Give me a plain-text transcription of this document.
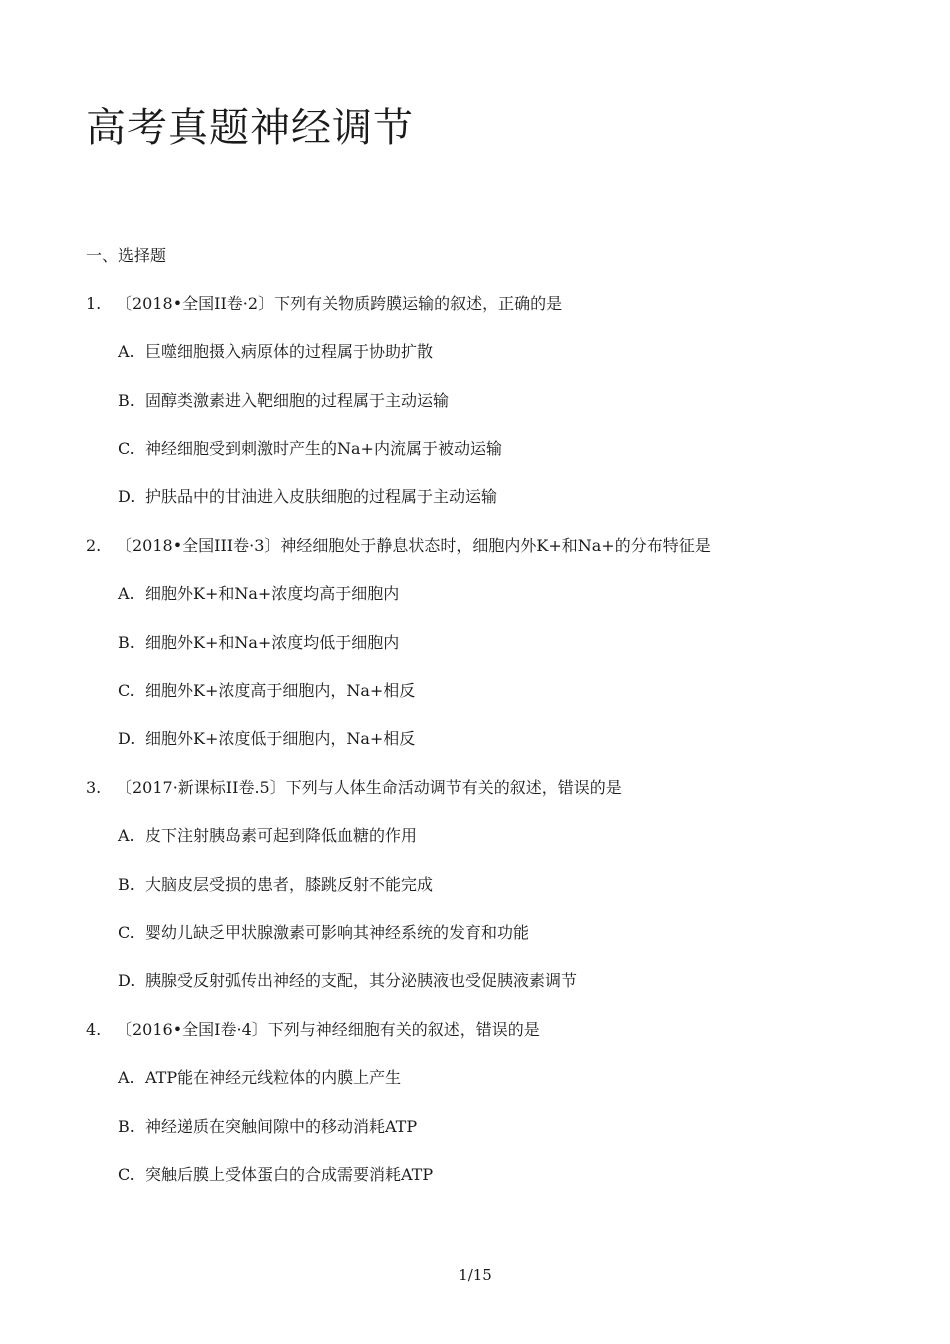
高考真题神经调节
一、选择题
1. 〔2018•全国II卷·2〕下列有关物质跨膜运输的叙述，正确的是
A. 巨噬细胞摄入病原体的过程属于协助扩散
B. 固醇类激素进入靶细胞的过程属于主动运输
C. 神经细胞受到刺激时产生的Na+内流属于被动运输
D. 护肤品中的甘油进入皮肤细胞的过程属于主动运输
2. 〔2018•全国III卷·3〕神经细胞处于静息状态时，细胞内外K+和Na+的分布特征是
A. 细胞外K+和Na+浓度均高于细胞内
B. 细胞外K+和Na+浓度均低于细胞内
C. 细胞外K+浓度高于细胞内，Na+相反
D. 细胞外K+浓度低于细胞内，Na+相反
3. 〔2017·新课标II卷.5〕下列与人体生命活动调节有关的叙述，错误的是
A. 皮下注射胰岛素可起到降低血糖的作用
B. 大脑皮层受损的患者，膝跳反射不能完成
C. 婴幼儿缺乏甲状腺激素可影响其神经系统的发育和功能
D. 胰腺受反射弧传出神经的支配，其分泌胰液也受促胰液素调节
4. 〔2016•全国I卷·4〕下列与神经细胞有关的叙述，错误的是
A. ATP能在神经元线粒体的内膜上产生
B. 神经递质在突触间隙中的移动消耗ATP
C. 突触后膜上受体蛋白的合成需要消耗ATP
1/15
